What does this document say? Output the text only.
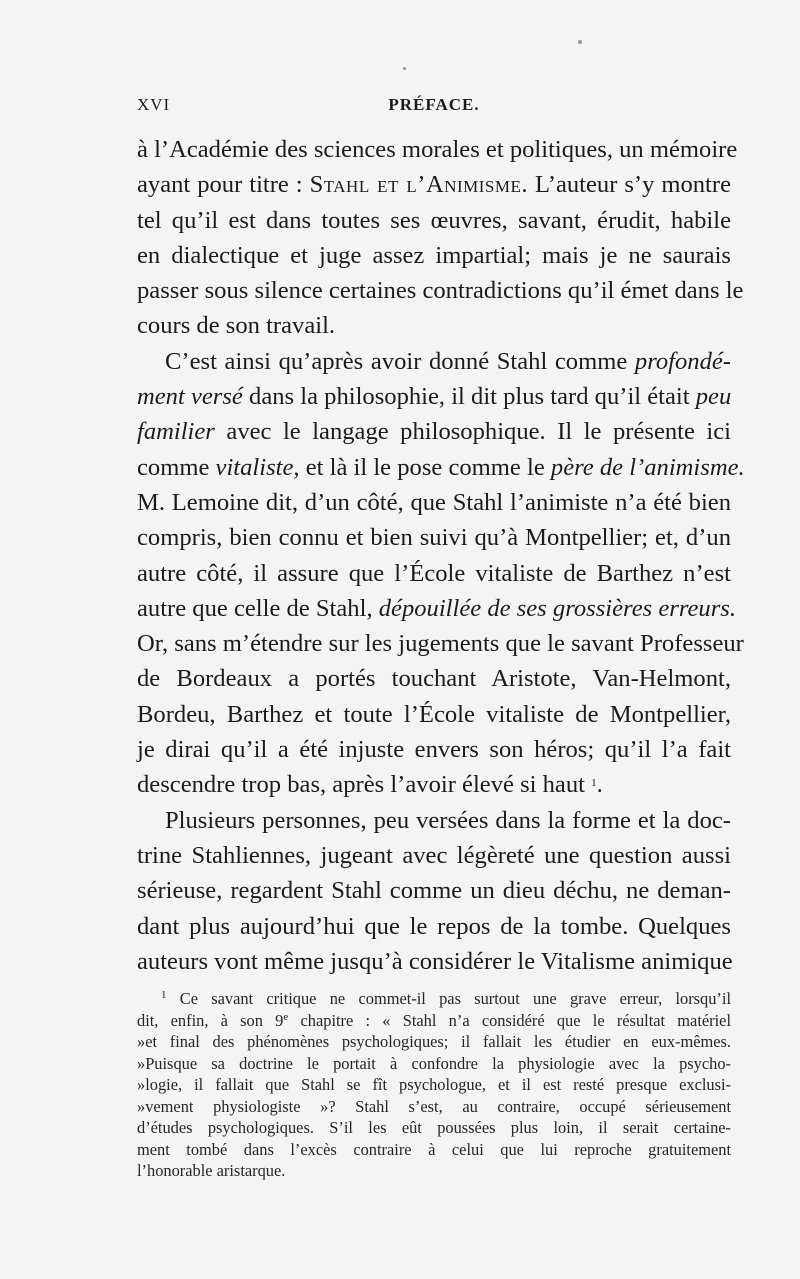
XVI	PRÉFACE.
à l’Académie des sciences morales et politiques, un mémoire
ayant pour titre : Stahl et l’Animisme. L’auteur s’y montre
tel qu’il est dans toutes ses œuvres, savant, érudit, habile
en dialectique et juge assez impartial; mais je ne saurais
passer sous silence certaines contradictions qu’il émet dans le
cours de son travail.
C’est ainsi qu’après avoir donné Stahl comme profondé-
ment versé dans la philosophie, il dit plus tard qu’il était peu
familier avec le langage philosophique. Il le présente ici
comme vitaliste, et là il le pose comme le père de l’animisme.
M. Lemoine dit, d’un côté, que Stahl l’animiste n’a été bien
compris, bien connu et bien suivi qu’à Montpellier; et, d’un
autre côté, il assure que l’École vitaliste de Barthez n’est
autre que celle de Stahl, dépouillée de ses grossières erreurs.
Or, sans m’étendre sur les jugements que le savant Professeur
de Bordeaux a portés touchant Aristote, Van-Helmont,
Bordeu, Barthez et toute l’École vitaliste de Montpellier,
je dirai qu’il a été injuste envers son héros; qu’il l’a fait
descendre trop bas, après l’avoir élevé si haut $^1$.
Plusieurs personnes, peu versées dans la forme et la doc-
trine Stahliennes, jugeant avec légèreté une question aussi
sérieuse, regardent Stahl comme un dieu déchu, ne deman-
dant plus aujourd’hui que le repos de la tombe. Quelques
auteurs vont même jusqu’à considérer le Vitalisme animique
$^1$ Ce savant critique ne commet-il pas surtout une grave erreur, lorsqu’il
dit, enfin, à son 9e chapitre : « Stahl n’a considéré que le résultat matériel
»et final des phénomènes psychologiques; il fallait les étudier en eux-mêmes.
»Puisque sa doctrine le portait à confondre la physiologie avec la psycho-
»logie, il fallait que Stahl se fît psychologue, et il est resté presque exclusi-
»vement physiologiste »? Stahl s’est, au contraire, occupé sérieusement
d’études psychologiques. S’il les eût poussées plus loin, il serait certaine-
ment tombé dans l’excès contraire à celui que lui reproche gratuitement
l’honorable aristarque.
